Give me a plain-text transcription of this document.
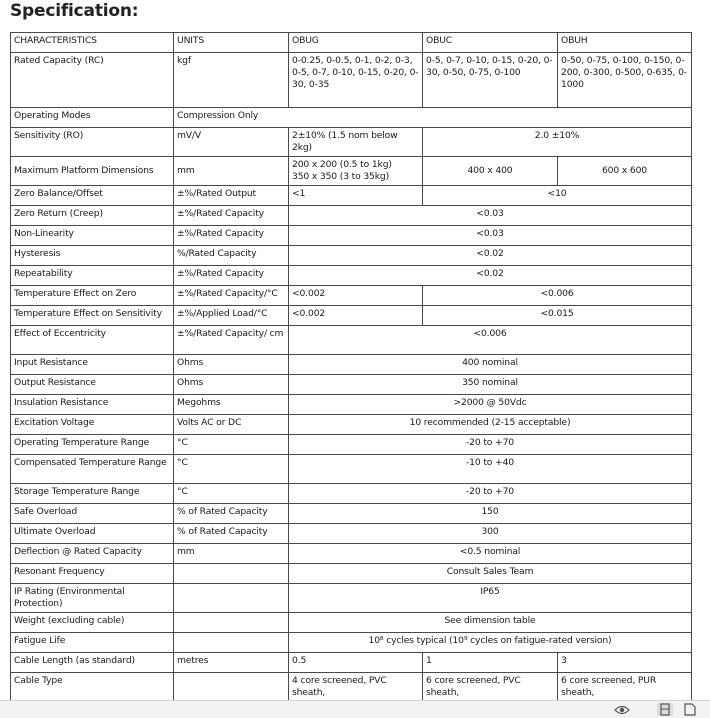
Specification:
CHARACTERISTICS	UNITS	OBUG	OBUC	OBUH
Rated Capacity (RC)	kgf	0-0.25, 0-0.5, 0-1, 0-2, 0-3, 0-5, 0-7, 0-10, 0-15, 0-20, 0-30, 0-35	0-5, 0-7, 0-10, 0-15, 0-20, 0-30, 0-50, 0-75, 0-100	0-50, 0-75, 0-100, 0-150, 0-200, 0-300, 0-500, 0-635, 0-1000
Operating Modes	Compression Only			
Sensitivity (RO)	mV/V	2±10% (1.5 nom below 2kg)	2.0 ±10%	
Maximum Platform Dimensions	mm	200 x 200 (0.5 to 1kg)
350 x 350 (3 to 35kg)	400 x 400	600 x 600
Zero Balance/Offset	±%/Rated Output	<1	<10	
Zero Return (Creep)	±%/Rated Capacity	<0.03		
Non-Linearity	±%/Rated Capacity	<0.03		
Hysteresis	%/Rated Capacity	<0.02		
Repeatability	±%/Rated Capacity	<0.02		
Temperature Effect on Zero	±%/Rated Capacity/°C	<0.002	<0.006	
Temperature Effect on Sensitivity	±%/Applied Load/°C	<0.002	<0.015	
Effect of Eccentricity	±%/Rated Capacity/ cm	<0.006		
Input Resistance	Ohms	400 nominal		
Output Resistance	Ohms	350 nominal		
Insulation Resistance	Megohms	>2000 @ 50Vdc		
Excitation Voltage	Volts AC or DC	10 recommended (2-15 acceptable)		
Operating Temperature Range	°C	-20 to +70		
Compensated Temperature Range	°C	-10 to +40		
Storage Temperature Range	°C	-20 to +70		
Safe Overload	% of Rated Capacity	150		
Ultimate Overload	% of Rated Capacity	300		
Deflection @ Rated Capacity	mm	<0.5 nominal		
Resonant Frequency		Consult Sales Team		
IP Rating (Environmental Protection)		IP65		
Weight (excluding cable)		See dimension table		
Fatigue Life		10⁸ cycles typical (10⁹ cycles on fatigue-rated version)		
Cable Length (as standard)	metres	0.5	1	3
Cable Type		4 core screened, PVC sheath,	6 core screened, PVC sheath,	6 core screened, PUR sheath,
